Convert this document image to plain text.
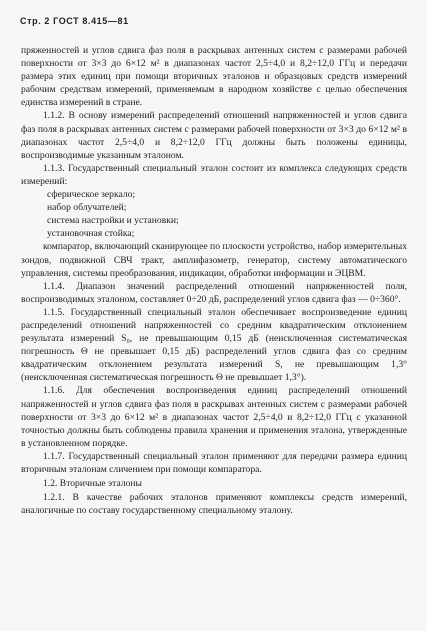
Стр. 2 ГОСТ 8.415—81

пряженностей и углов сдвига фаз поля в раскрывах антенных систем с размерами рабочей поверхности от 3×3 до 6×12 м² в диапазонах частот 2,5÷4,0 и 8,2÷12,0 ГГц и передачи размера этих единиц при помощи вторичных эталонов и образцовых средств измерений рабочим средствам измерений, применяемым в народном хозяйстве с целью обеспечения единства измерений в стране.

1.1.2. В основу измерений распределений отношений напряженностей и углов сдвига фаз поля в раскрывах антенных систем с размерами рабочей поверхности от 3×3 до 6×12 м² в диапазонах частот 2,5÷4,0 и 8,2÷12,0 ГГц должны быть положены единицы, воспроизводимые указанным эталоном.

1.1.3. Государственный специальный эталон состоит из комплекса следующих средств измерений:

сферическое зеркало;

набор облучателей;

система настройки и установки;

установочная стойка;

компаратор, включающий сканирующее по плоскости устройство, набор измерительных зондов, подвижной СВЧ тракт, амплифазометр, генератор, систему автоматического управления, системы преобразования, индикации, обработки информации и ЭЦВМ.

1.1.4. Диапазон значений распределений отношений напряженностей поля, воспроизводимых эталоном, составляет 0÷20 дБ, распределений углов сдвига фаз — 0÷360°.

1.1.5. Государственный специальный эталон обеспечивает воспроизведение единиц распределений отношений напряженностей со средним квадратическим отклонением результата измерений S₀, не превышающим 0,15 дБ (неисключенная систематическая погрешность Θ не превышает 0,15 дБ) распределений углов сдвига фаз со средним квадратическим отклонением результата измерений S, не превышающим 1,3° (неисключенная систематическая погрешность Θ не превышает 1,3°).

1.1.6. Для обеспечения воспроизведения единиц распределений отношений напряженностей и углов сдвига фаз поля в раскрывах антенных систем с размерами рабочей поверхности от 3×3 до 6×12 м² в диапазонах частот 2,5÷4,0 и 8,2÷12,0 ГГц с указанной точностью должны быть соблюдены правила хранения и применения эталона, утвержденные в установленном порядке.

1.1.7. Государственный специальный эталон применяют для передачи размера единиц вторичным эталонам сличением при помощи компаратора.

1.2. Вторичные эталоны

1.2.1. В качестве рабочих эталонов применяют комплексы средств измерений, аналогичные по составу государственному специальному эталону.
